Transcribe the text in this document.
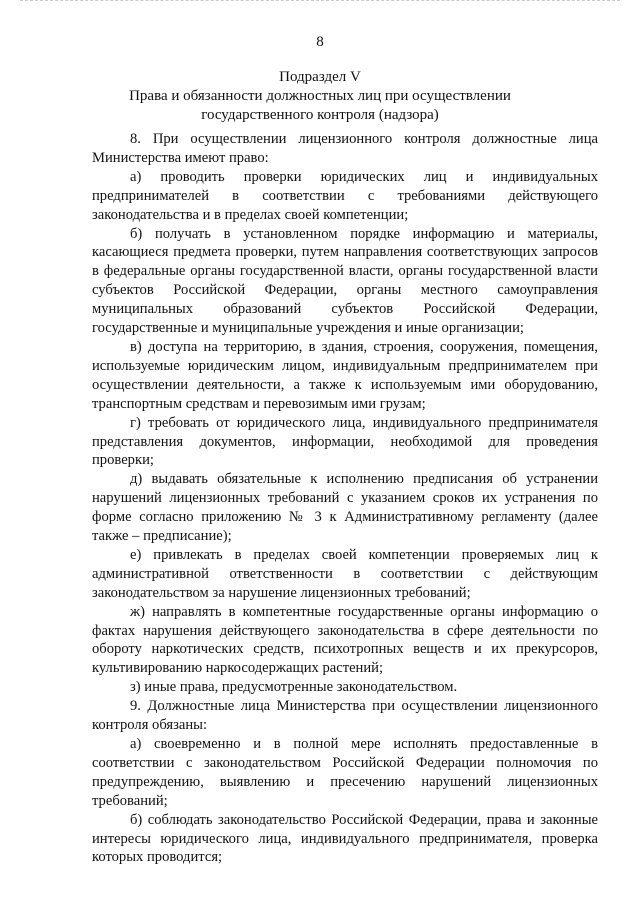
8
Подраздел V
Права и обязанности должностных лиц при осуществлении
государственного контроля (надзора)

8. При осуществлении лицензионного контроля должностные лица Министерства имеют право:

а) проводить проверки юридических лиц и индивидуальных предпринимателей в соответствии с требованиями действующего законодательства и в пределах своей компетенции;

б) получать в установленном порядке информацию и материалы, касающиеся предмета проверки, путем направления соответствующих запросов в федеральные органы государственной власти, органы государственной власти субъектов Российской Федерации, органы местного самоуправления муниципальных образований субъектов Российской Федерации, государственные и муниципальные учреждения и иные организации;

в) доступа на территорию, в здания, строения, сооружения, помещения, используемые юридическим лицом, индивидуальным предпринимателем при осуществлении деятельности, а также к используемым ими оборудованию, транспортным средствам и перевозимым ими грузам;

г) требовать от юридического лица, индивидуального предпринимателя представления документов, информации, необходимой для проведения проверки;

д) выдавать обязательные к исполнению предписания об устранении нарушений лицензионных требований с указанием сроков их устранения по форме согласно приложению № 3 к Административному регламенту (далее также – предписание);

е) привлекать в пределах своей компетенции проверяемых лиц к административной ответственности в соответствии с действующим законодательством за нарушение лицензионных требований;

ж) направлять в компетентные государственные органы информацию о фактах нарушения действующего законодательства в сфере деятельности по обороту наркотических средств, психотропных веществ и их прекурсоров, культивированию наркосодержащих растений;

з) иные права, предусмотренные законодательством.

9. Должностные лица Министерства при осуществлении лицензионного контроля обязаны:

а) своевременно и в полной мере исполнять предоставленные в соответствии с законодательством Российской Федерации полномочия по предупреждению, выявлению и пресечению нарушений лицензионных требований;

б) соблюдать законодательство Российской Федерации, права и законные интересы юридического лица, индивидуального предпринимателя, проверка которых проводится;
